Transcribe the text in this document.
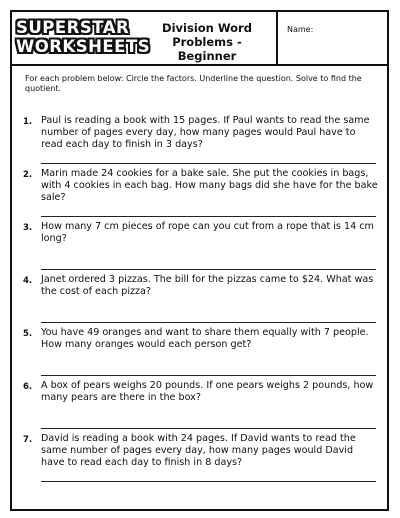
SUPERSTAR
WORKSHEETS
Division Word
Problems - Beginner
Name:
For each problem below: Circle the factors. Underline the question. Solve to find the quotient.
1. Paul is reading a book with 15 pages. If Paul wants to read the same number of pages every day, how many pages would Paul have to read each day to finish in 3 days?
2. Marin made 24 cookies for a bake sale. She put the cookies in bags, with 4 cookies in each bag. How many bags did she have for the bake sale?
3. How many 7 cm pieces of rope can you cut from a rope that is 14 cm long?
4. Janet ordered 3 pizzas. The bill for the pizzas came to $24. What was the cost of each pizza?
5. You have 49 oranges and want to share them equally with 7 people. How many oranges would each person get?
6. A box of pears weighs 20 pounds. If one pears weighs 2 pounds, how many pears are there in the box?
7. David is reading a book with 24 pages. If David wants to read the same number of pages every day, how many pages would David have to read each day to finish in 8 days?
